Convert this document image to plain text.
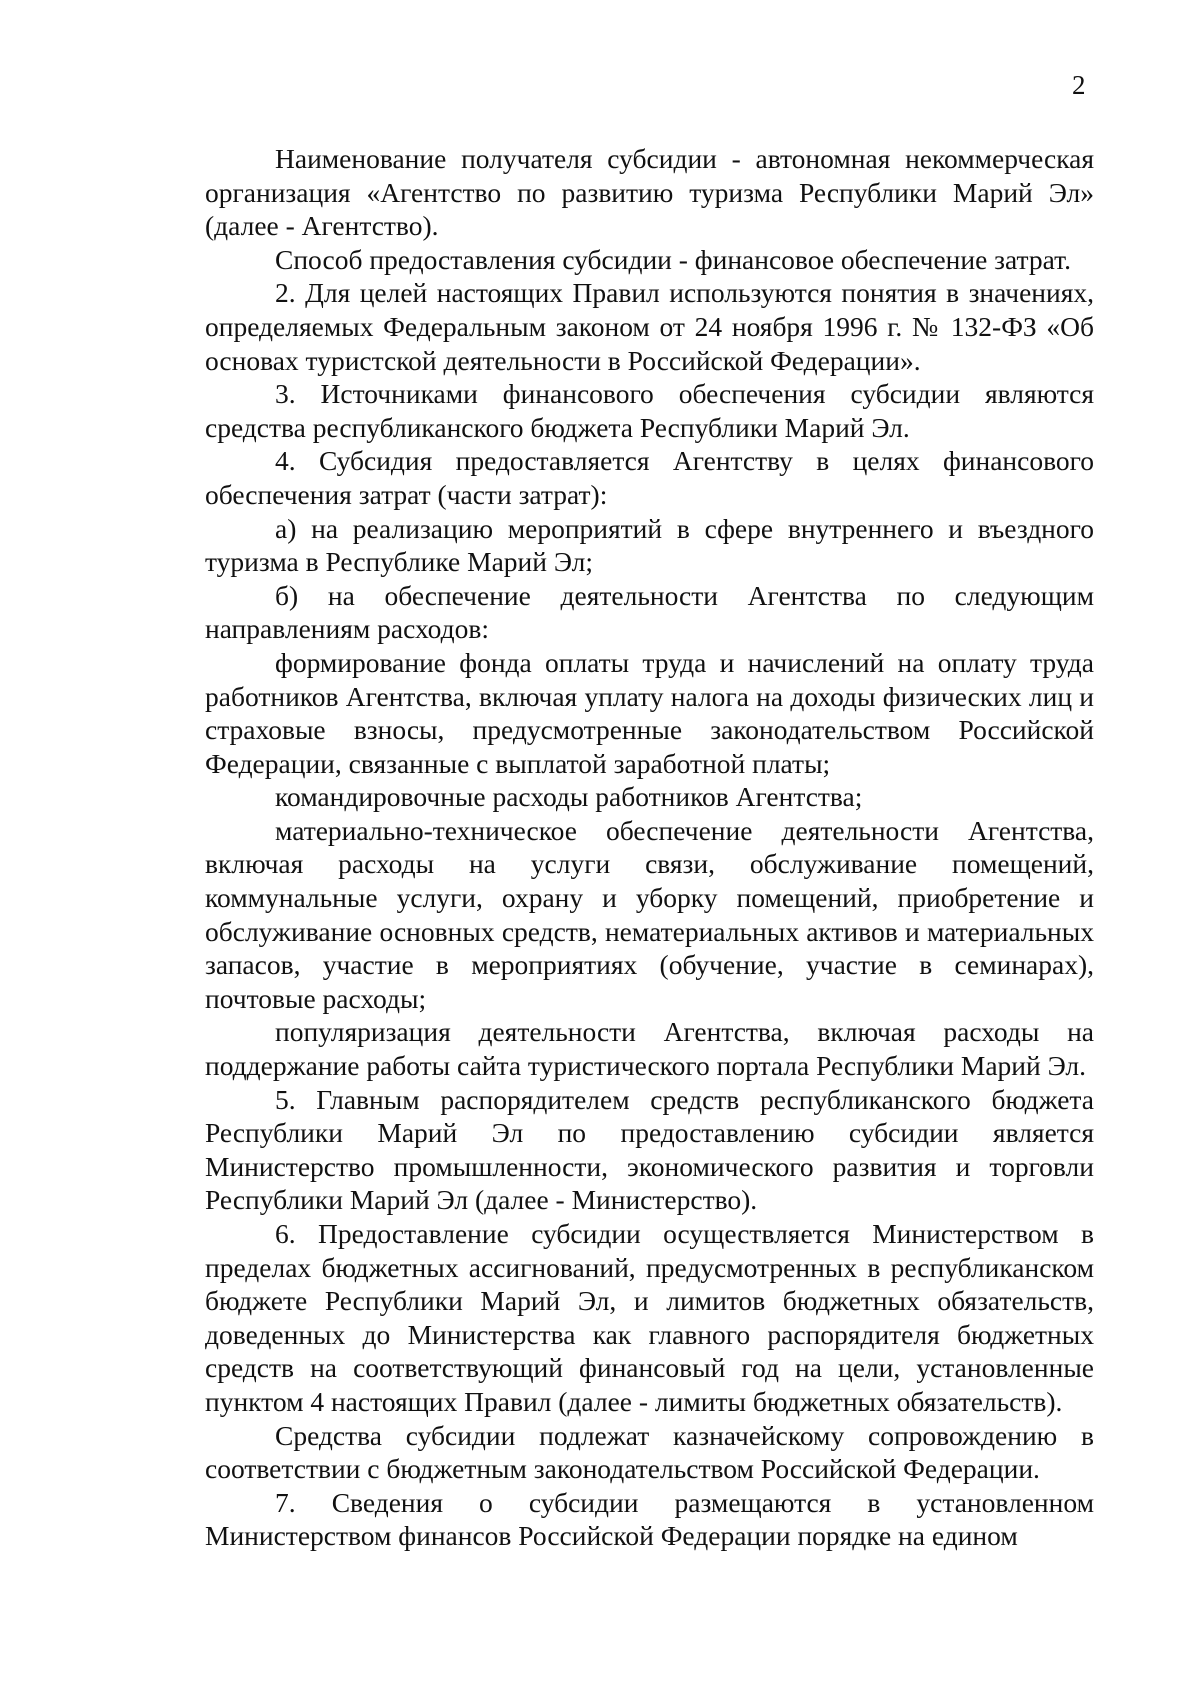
2

Наименование получателя субсидии - автономная некоммерческая организация «Агентство по развитию туризма Республики Марий Эл» (далее - Агентство).

Способ предоставления субсидии - финансовое обеспечение затрат.

2. Для целей настоящих Правил используются понятия в значениях, определяемых Федеральным законом от 24 ноября 1996 г. № 132-ФЗ «Об основах туристской деятельности в Российской Федерации».

3. Источниками финансового обеспечения субсидии являются средства республиканского бюджета Республики Марий Эл.

4. Субсидия предоставляется Агентству в целях финансового обеспечения затрат (части затрат):

а) на реализацию мероприятий в сфере внутреннего и въездного туризма в Республике Марий Эл;

б) на обеспечение деятельности Агентства по следующим направлениям расходов:

формирование фонда оплаты труда и начислений на оплату труда работников Агентства, включая уплату налога на доходы физических лиц и страховые взносы, предусмотренные законодательством Российской Федерации, связанные с выплатой заработной платы;

командировочные расходы работников Агентства;

материально-техническое обеспечение деятельности Агентства, включая расходы на услуги связи, обслуживание помещений, коммунальные услуги, охрану и уборку помещений, приобретение и обслуживание основных средств, нематериальных активов и материальных запасов, участие в мероприятиях (обучение, участие в семинарах), почтовые расходы;

популяризация деятельности Агентства, включая расходы на поддержание работы сайта туристического портала Республики Марий Эл.

5. Главным распорядителем средств республиканского бюджета Республики Марий Эл по предоставлению субсидии является Министерство промышленности, экономического развития и торговли Республики Марий Эл (далее - Министерство).

6. Предоставление субсидии осуществляется Министерством в пределах бюджетных ассигнований, предусмотренных в республиканском бюджете Республики Марий Эл, и лимитов бюджетных обязательств, доведенных до Министерства как главного распорядителя бюджетных средств на соответствующий финансовый год на цели, установленные пунктом 4 настоящих Правил (далее - лимиты бюджетных обязательств).

Средства субсидии подлежат казначейскому сопровождению в соответствии с бюджетным законодательством Российской Федерации.

7. Сведения о субсидии размещаются в установленном Министерством финансов Российской Федерации порядке на едином
